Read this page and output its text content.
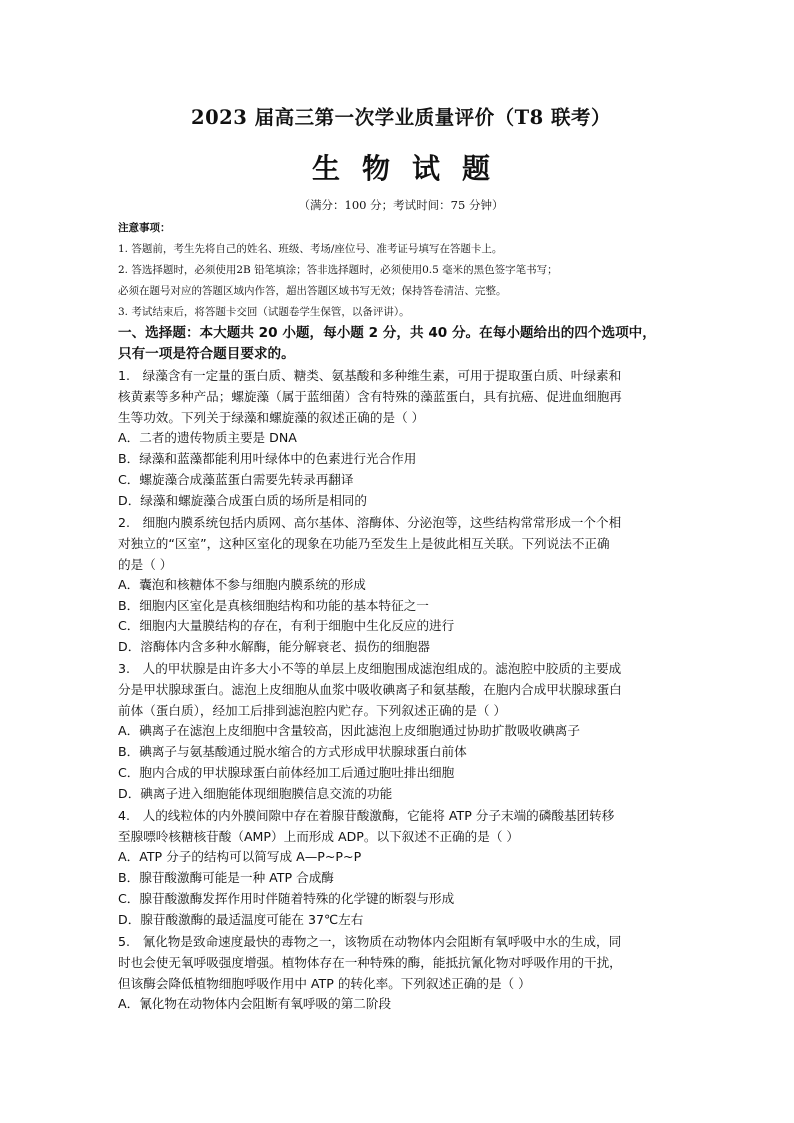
2023 届高三第一次学业质量评价（T8 联考）
生物试题

（满分：100 分；考试时间：75 分钟）

注意事项：
1. 答题前，考生先将自己的姓名、班级、考场/座位号、准考证号填写在答题卡上。
2. 答选择题时，必须使用2B 铅笔填涂；答非选择题时，必须使用0.5 毫米的黑色签字笔书写；
必须在题号对应的答题区域内作答，超出答题区域书写无效；保持答卷清洁、完整。
3. 考试结束后，将答题卡交回（试题卷学生保管，以备评讲）。
一、选择题：本大题共 20 小题，每小题 2 分，共 40 分。在每小题给出的四个选项中，
只有一项是符合题目要求的。
1.　绿藻含有一定量的蛋白质、糖类、氨基酸和多种维生素，可用于提取蛋白质、叶绿素和
核黄素等多种产品；螺旋藻（属于蓝细菌）含有特殊的藻蓝蛋白，具有抗癌、促进血细胞再
生等功效。下列关于绿藻和螺旋藻的叙述正确的是（ ）
A．二者的遗传物质主要是 DNA
B．绿藻和蓝藻都能利用叶绿体中的色素进行光合作用
C．螺旋藻合成藻蓝蛋白需要先转录再翻译
D．绿藻和螺旋藻合成蛋白质的场所是相同的
2.　细胞内膜系统包括内质网、高尔基体、溶酶体、分泌泡等，这些结构常常形成一个个相
对独立的“区室”，这种区室化的现象在功能乃至发生上是彼此相互关联。下列说法不正确
的是（ ）
A．囊泡和核糖体不参与细胞内膜系统的形成
B．细胞内区室化是真核细胞结构和功能的基本特征之一
C．细胞内大量膜结构的存在，有利于细胞中生化反应的进行
D．溶酶体内含多种水解酶，能分解衰老、损伤的细胞器
3.　人的甲状腺是由许多大小不等的单层上皮细胞围成滤泡组成的。滤泡腔中胶质的主要成
分是甲状腺球蛋白。滤泡上皮细胞从血浆中吸收碘离子和氨基酸，在胞内合成甲状腺球蛋白
前体（蛋白质），经加工后排到滤泡腔内贮存。下列叙述正确的是（ ）
A．碘离子在滤泡上皮细胞中含量较高，因此滤泡上皮细胞通过协助扩散吸收碘离子
B．碘离子与氨基酸通过脱水缩合的方式形成甲状腺球蛋白前体
C．胞内合成的甲状腺球蛋白前体经加工后通过胞吐排出细胞
D．碘离子进入细胞能体现细胞膜信息交流的功能
4.　人的线粒体的内外膜间隙中存在着腺苷酸激酶，它能将 ATP 分子末端的磷酸基团转移
至腺嘌呤核糖核苷酸（AMP）上而形成 ADP。以下叙述不正确的是（ ）
A．ATP 分子的结构可以简写成 A—P~P~P
B．腺苷酸激酶可能是一种 ATP 合成酶
C．腺苷酸激酶发挥作用时伴随着特殊的化学键的断裂与形成
D．腺苷酸激酶的最适温度可能在 37℃左右
5.　氰化物是致命速度最快的毒物之一，该物质在动物体内会阻断有氧呼吸中水的生成，同
时也会使无氧呼吸强度增强。植物体存在一种特殊的酶，能抵抗氰化物对呼吸作用的干扰，
但该酶会降低植物细胞呼吸作用中 ATP 的转化率。下列叙述正确的是（ ）
A．氰化物在动物体内会阻断有氧呼吸的第二阶段
